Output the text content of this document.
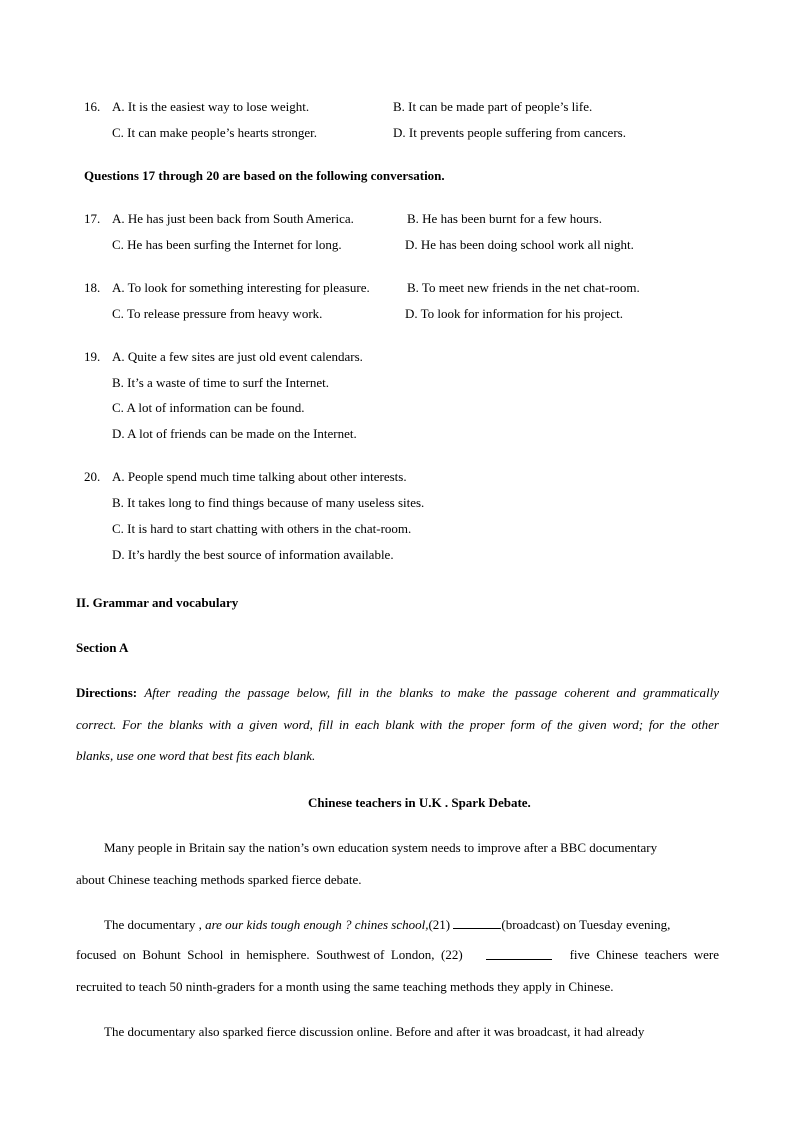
16. A. It is the easiest way to lose weight.	B. It can be made part of people’s life.
C. It can make people’s hearts stronger.	D. It prevents people suffering from cancers.
Questions 17 through 20 are based on the following conversation.
17. A. He has just been back from South America.	B. He has been burnt for a few hours.
C. He has been surfing the Internet for long.	D. He has been doing school work all night.
18. A. To look for something interesting for pleasure.	B. To meet new friends in the net chat-room.
C. To release pressure from heavy work.	D. To look for information for his project.
19. A. Quite a few sites are just old event calendars.
B. It’s a waste of time to surf the Internet.
C. A lot of information can be found.
D. A lot of friends can be made on the Internet.
20. A. People spend much time talking about other interests.
B. It takes long to find things because of many useless sites.
C. It is hard to start chatting with others in the chat-room.
D. It’s hardly the best source of information available.
II. Grammar and vocabulary
Section A
Directions: After reading the passage below, fill in the blanks to make the passage coherent and grammatically
correct. For the blanks with a given word, fill in each blank with the proper form of the given word; for the other
blanks, use one word that best fits each blank.
Chinese teachers in U.K . Spark Debate.
Many people in Britain say the nation’s own education system needs to improve after a BBC documentary
about Chinese teaching methods sparked fierce debate.
The documentary , are our kids tough enough ? chines school,(21)	(broadcast) on Tuesday evening,
focused  on  Bohunt  School  in  hemisphere.  Southwest of  London,  (22)	five  Chinese  teachers  were
recruited to teach 50 ninth-graders for a month using the same teaching methods they apply in Chinese.
The documentary also sparked fierce discussion online. Before and after it was broadcast, it had already
